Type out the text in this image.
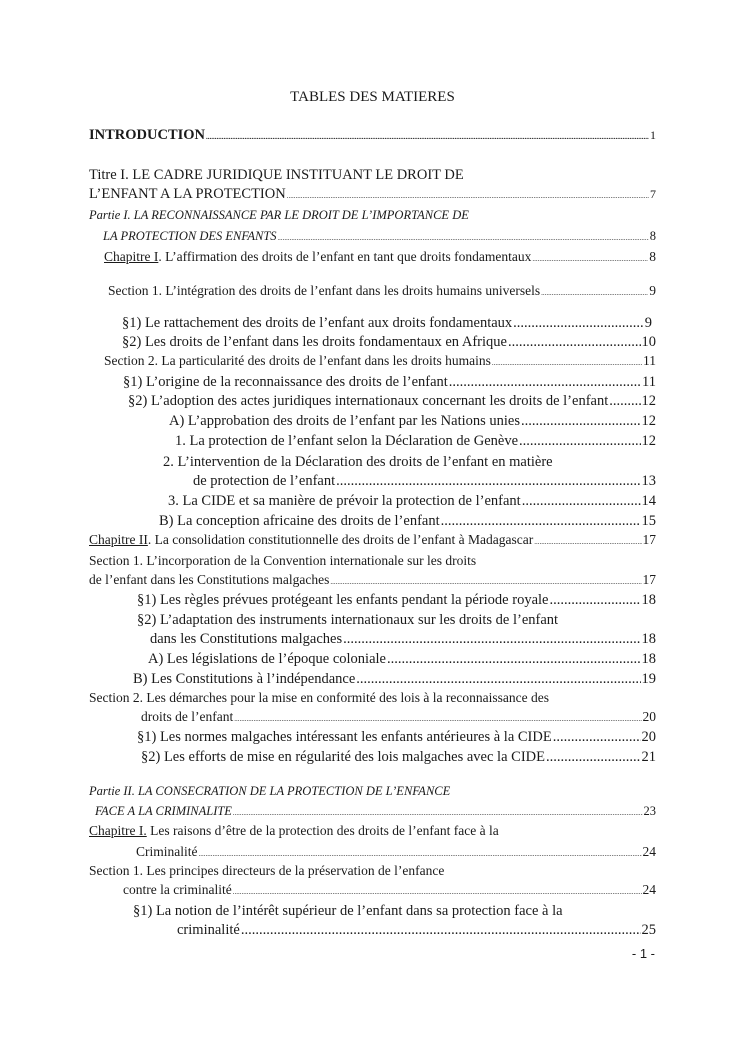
TABLES DES MATIERES
INTRODUCTION .....	1
Titre I. LE CADRE JURIDIQUE INSTITUANT LE DROIT DE
L’ENFANT A LA PROTECTION .....	7
Partie I. LA RECONNAISSANCE PAR LE DROIT DE L’IMPORTANCE DE
LA PROTECTION DES ENFANTS .....	8
Chapitre I. L’affirmation des droits de l’enfant en tant que droits fondamentaux .....	8
Section 1. L’intégration des droits de l’enfant dans les droits humains universels .....	9
§1) Le rattachement des droits de l’enfant aux droits fondamentaux .....	9
§2) Les droits de l’enfant dans les droits fondamentaux en Afrique .....	10
Section 2. La particularité des droits de l’enfant dans les droits humains .....	11
§1) L’origine de la reconnaissance des droits de l’enfant .....	11
§2) L’adoption des actes juridiques internationaux concernant les droits de l’enfant ..... 12
A) L’approbation des droits de l’enfant par les Nations unies .....	12
1. La protection de l’enfant selon la Déclaration de Genève .....	12
2. L’intervention de la Déclaration des droits de l’enfant en matière
de protection de l’enfant .....	13
3. La CIDE et sa manière de prévoir la protection de l’enfant .....	14
B) La conception africaine des droits de l’enfant .....	15
Chapitre II. La consolidation constitutionnelle des droits de l’enfant à Madagascar .....	17
Section 1. L’incorporation de la Convention internationale sur les droits
de l’enfant dans les Constitutions malgaches .....	17
§1) Les règles prévues protégeant les enfants pendant la période royale .....	18
§2) L’adaptation des instruments internationaux sur les droits de l’enfant
dans les Constitutions malgaches .....	18
A) Les législations de l’époque coloniale .....	18
B) Les Constitutions à l’indépendance .....	19
Section 2. Les démarches pour la mise en conformité des lois à la reconnaissance des
droits de l’enfant .....	20
§1) Les normes malgaches intéressant les enfants antérieures à la CIDE .....	20
§2) Les efforts de mise en régularité des lois malgaches avec la CIDE .....	21
Partie II. LA CONSECRATION DE LA PROTECTION DE L’ENFANCE
FACE A LA CRIMINALITE .....	23
Chapitre I. Les raisons d’être de la protection des droits de l’enfant face à la
Criminalité .....	24
Section 1. Les principes directeurs de la préservation de l’enfance
contre la criminalité .....	24
§1) La notion de l’intérêt supérieur de l’enfant dans sa protection face à la
criminalité .....	25
- 1 -
